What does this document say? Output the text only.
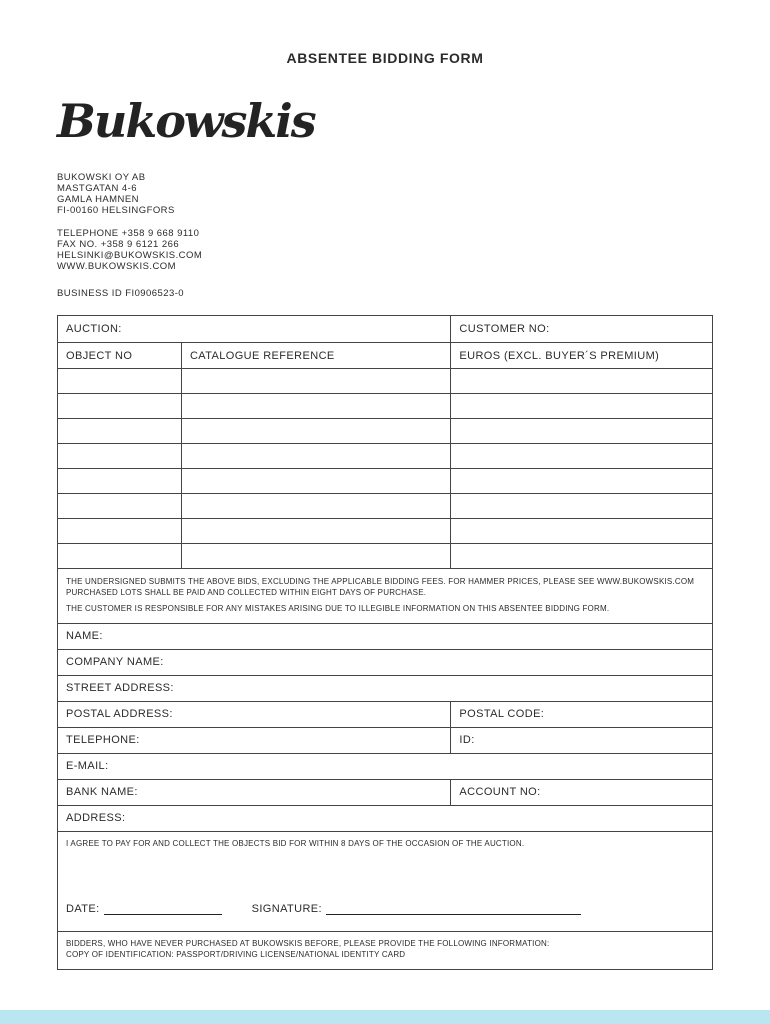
ABSENTEE BIDDING FORM
Bukowskis
BUKOWSKI OY AB
MASTGATAN 4-6
GAMLA HAMNEN
FI-00160 HELSINGFORS
TELEPHONE +358 9 668 9110
FAX NO. +358 9 6121 266
HELSINKI@BUKOWSKIS.COM
WWW.BUKOWSKIS.COM
BUSINESS ID FI0906523-0
AUCTION:	CUSTOMER NO:
OBJECT NO	CATALOGUE REFERENCE	EUROS (EXCL. BUYER´S PREMIUM)

THE UNDERSIGNED SUBMITS THE ABOVE BIDS, EXCLUDING THE APPLICABLE BIDDING FEES. FOR HAMMER PRICES, PLEASE SEE WWW.BUKOWSKIS.COM PURCHASED LOTS SHALL BE PAID AND COLLECTED WITHIN EIGHT DAYS OF PURCHASE.

THE CUSTOMER IS RESPONSIBLE FOR ANY MISTAKES ARISING DUE TO ILLEGIBLE INFORMATION ON THIS ABSENTEE BIDDING FORM.

NAME:
COMPANY NAME:
STREET ADDRESS:
POSTAL ADDRESS:	POSTAL CODE:
TELEPHONE:	ID:
E-MAIL:
BANK NAME:	ACCOUNT NO:
ADDRESS:

I AGREE TO PAY FOR AND COLLECT THE OBJECTS BID FOR WITHIN 8 DAYS OF THE OCCASION OF THE AUCTION.

DATE:	SIGNATURE:

BIDDERS, WHO HAVE NEVER PURCHASED AT BUKOWSKIS BEFORE, PLEASE PROVIDE THE FOLLOWING INFORMATION:

COPY OF IDENTIFICATION: PASSPORT/DRIVING LICENSE/NATIONAL IDENTITY CARD
